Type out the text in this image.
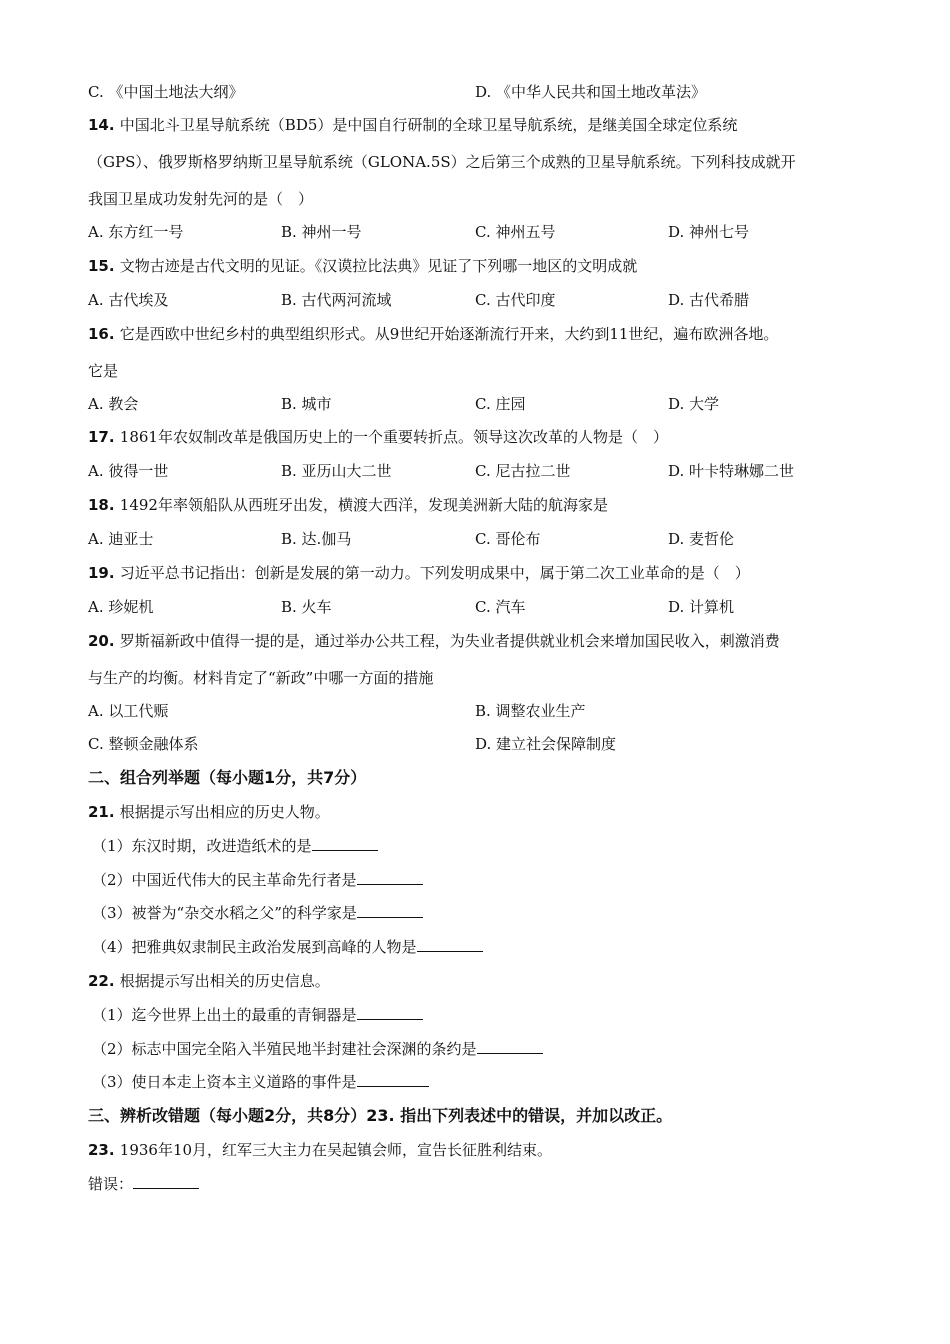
C. 《中国土地法大纲》	D. 《中华人民共和国土地改革法》
14. 中国北斗卫星导航系统（BD5）是中国自行研制的全球卫星导航系统，是继美国全球定位系统
（GPS）、俄罗斯格罗纳斯卫星导航系统（GLONA.5S）之后第三个成熟的卫星导航系统。下列科技成就开
我国卫星成功发射先河的是（　）
A. 东方红一号	B. 神州一号	C. 神州五号	D. 神州七号
15. 文物古迹是古代文明的见证。《汉谟拉比法典》见证了下列哪一地区的文明成就
A. 古代埃及	B. 古代两河流域	C. 古代印度	D. 古代希腊
16. 它是西欧中世纪乡村的典型组织形式。从9世纪开始逐渐流行开来，大约到11世纪，遍布欧洲各地。
它是
A. 教会	B. 城市	C. 庄园	D. 大学
17. 1861年农奴制改革是俄国历史上的一个重要转折点。领导这次改革的人物是（　）
A. 彼得一世	B. 亚历山大二世	C. 尼古拉二世	D. 叶卡特琳娜二世
18. 1492年率领船队从西班牙出发，横渡大西洋，发现美洲新大陆的航海家是
A. 迪亚士	B. 达.伽马	C. 哥伦布	D. 麦哲伦
19. 习近平总书记指出：创新是发展的第一动力。下列发明成果中，属于第二次工业革命的是（　）
A. 珍妮机	B. 火车	C. 汽车	D. 计算机
20. 罗斯福新政中值得一提的是，通过举办公共工程，为失业者提供就业机会来增加国民收入，刺激消费
与生产的均衡。材料肯定了“新政”中哪一方面的措施
A. 以工代赈	B. 调整农业生产
C. 整顿金融体系	D. 建立社会保障制度
二、组合列举题（每小题1分，共7分）
21. 根据提示写出相应的历史人物。
（1）东汉时期，改进造纸术的是
（2）中国近代伟大的民主革命先行者是
（3）被誉为“杂交水稻之父”的科学家是
（4）把雅典奴隶制民主政治发展到高峰的人物是
22. 根据提示写出相关的历史信息。
（1）迄今世界上出土的最重的青铜器是
（2）标志中国完全陷入半殖民地半封建社会深渊的条约是
（3）使日本走上资本主义道路的事件是
三、辨析改错题（每小题2分，共8分）23. 指出下列表述中的错误，并加以改正。
23. 1936年10月，红军三大主力在吴起镇会师，宣告长征胜利结束。
错误：
